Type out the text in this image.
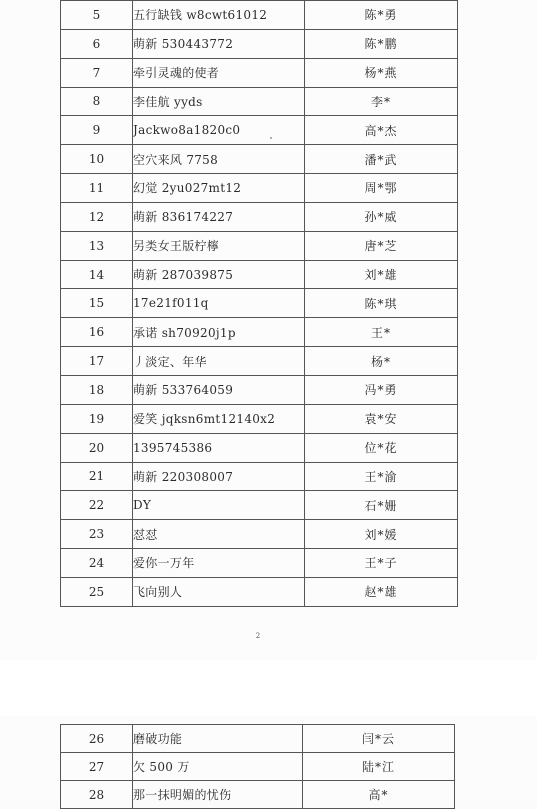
5	五行缺钱 w8cwt61012	陈*勇
6	萌新 530443772	陈*鹏
7	牵引灵魂的使者	杨*燕
8	李佳航 yyds	李*
9	Jackwo8a1820c0	高*杰
10	空穴来风 7758	潘*武
11	幻觉 2yu027mt12	周*鄂
12	萌新 836174227	孙*威
13	另类女王版柠檸	唐*芝
14	萌新 287039875	刘*雄
15	17e21f011q	陈*琪
16	承诺 sh70920j1p	王*
17	丿淡定、年华	杨*
18	萌新 533764059	冯*勇
19	爱笑 jqksn6mt12140x2	袁*安
20	1395745386	位*花
21	萌新 220308007	王*渝
22	DY	石*姗
23	怼怼	刘*媛
24	爱你一万年	王*子
25	飞向别人	赵*雄
2
26	磨破功能	闫*云
27	欠 500 万	陆*江
28	那一抹明媚的忧伤	高*
